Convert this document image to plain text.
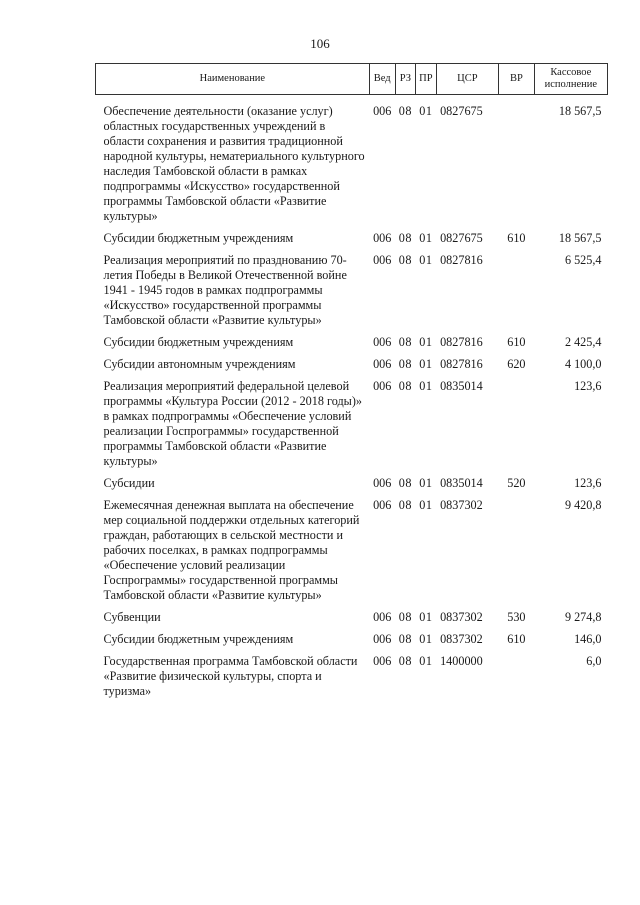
106
Наименование	Вед	РЗ	ПР	ЦСР	ВР	Кассовое исполнение
Обеспечение деятельности (оказание услуг) областных государственных учреждений в области сохранения и развития традиционной народной культуры, нематериального культурного наследия Тамбовской области в рамках подпрограммы «Искусство» государственной программы Тамбовской области «Развитие культуры»	006	08	01	0827675		18 567,5
Субсидии бюджетным учреждениям	006	08	01	0827675	610	18 567,5
Реализация мероприятий по празднованию 70-летия Победы в Великой Отечественной войне 1941 - 1945 годов в рамках подпрограммы «Искусство» государственной программы Тамбовской области «Развитие культуры»	006	08	01	0827816		6 525,4
Субсидии бюджетным учреждениям	006	08	01	0827816	610	2 425,4
Субсидии автономным учреждениям	006	08	01	0827816	620	4 100,0
Реализация мероприятий федеральной целевой программы «Культура России (2012 - 2018 годы)» в рамках подпрограммы «Обеспечение условий реализации Госпрограммы» государственной программы Тамбовской области «Развитие культуры»	006	08	01	0835014		123,6
Субсидии	006	08	01	0835014	520	123,6
Ежемесячная денежная выплата на обеспечение мер социальной поддержки отдельных категорий граждан, работающих в сельской местности и рабочих поселках, в рамках подпрограммы «Обеспечение условий реализации Госпрограммы» государственной программы Тамбовской области «Развитие культуры»	006	08	01	0837302		9 420,8
Субвенции	006	08	01	0837302	530	9 274,8
Субсидии бюджетным учреждениям	006	08	01	0837302	610	146,0
Государственная программа Тамбовской области «Развитие физической культуры, спорта и туризма»	006	08	01	1400000		6,0
